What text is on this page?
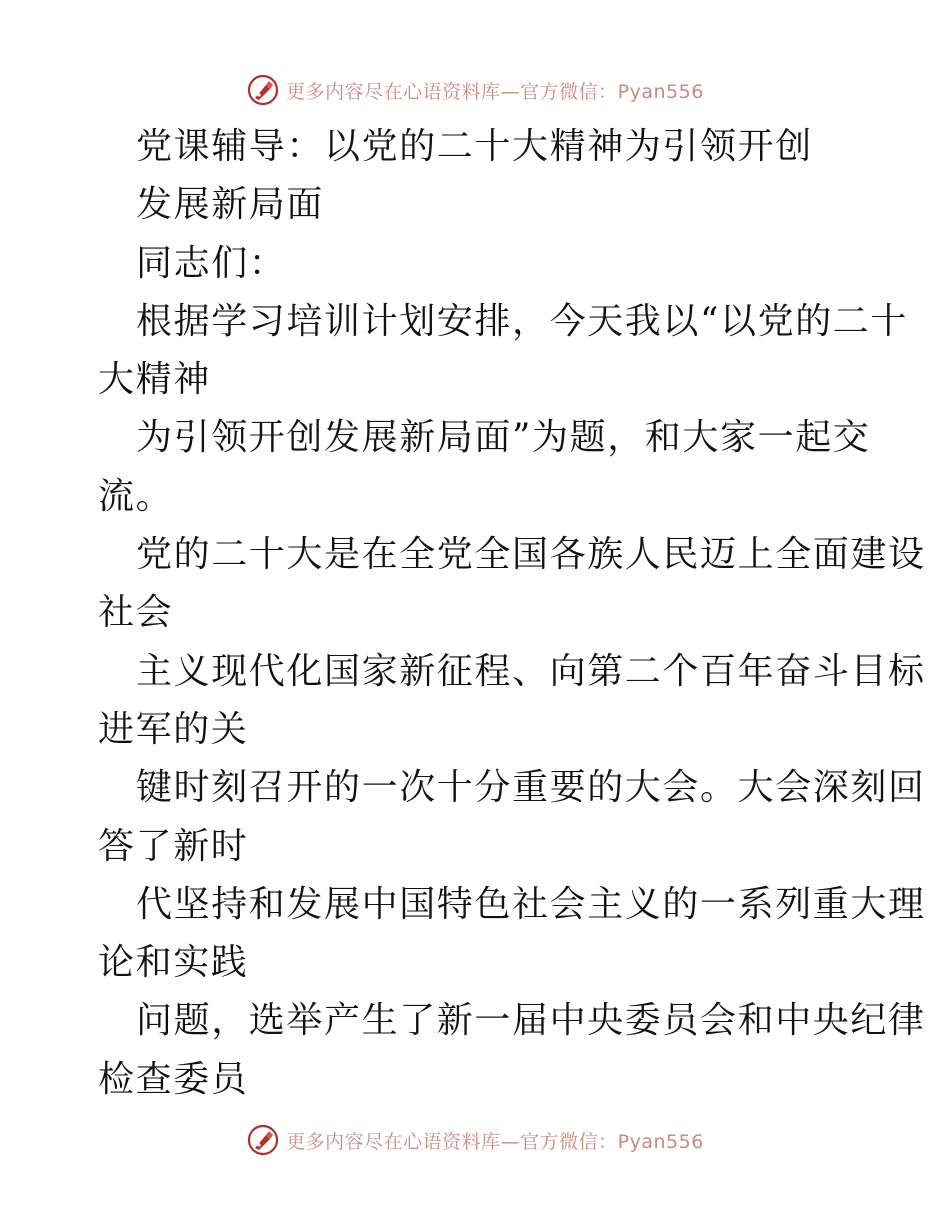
更多内容尽在心语资料库—官方微信：Pyan556
党课辅导：以党的二十大精神为引领开创
发展新局面
同志们：
根据学习培训计划安排，今天我以“以党的二十
大精神
为引领开创发展新局面”为题，和大家一起交
流。
党的二十大是在全党全国各族人民迈上全面建设
社会
主义现代化国家新征程、向第二个百年奋斗目标
进军的关
键时刻召开的一次十分重要的大会。大会深刻回
答了新时
代坚持和发展中国特色社会主义的一系列重大理
论和实践
问题，选举产生了新一届中央委员会和中央纪律
检查委员
更多内容尽在心语资料库—官方微信：Pyan556
